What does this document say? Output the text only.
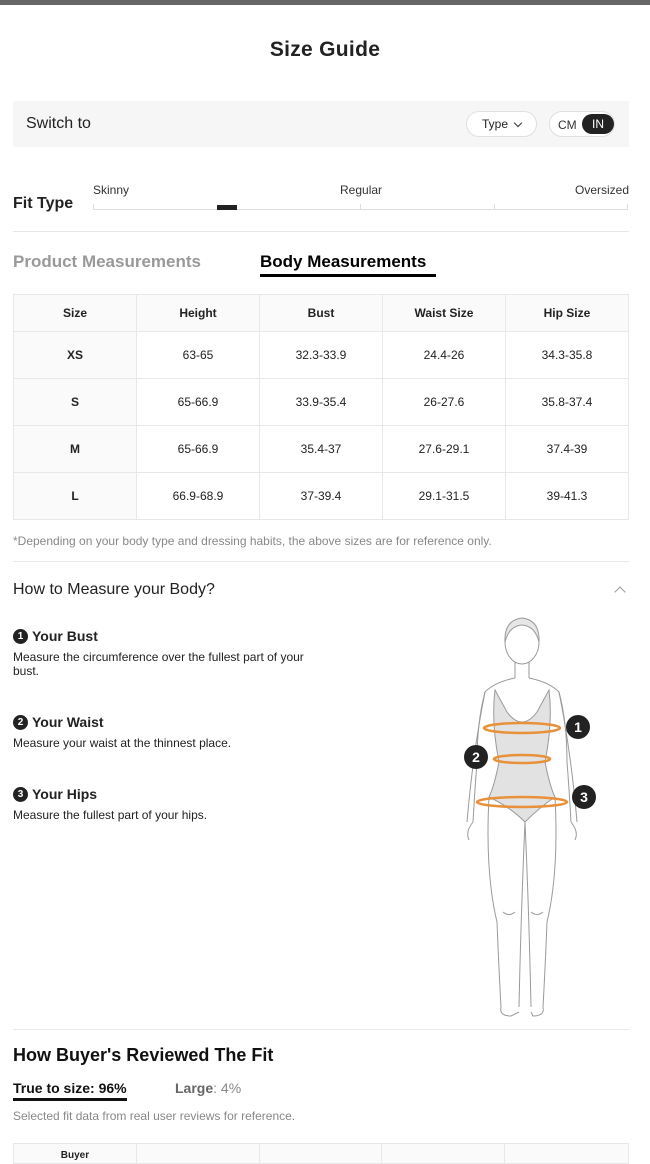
Size Guide
Switch to	Type	CM	IN
Fit Type
Skinny	Regular	Oversized
Product Measurements	Body Measurements
Size	Height	Bust	Waist Size	Hip Size
XS	63-65	32.3-33.9	24.4-26	34.3-35.8
S	65-66.9	33.9-35.4	26-27.6	35.8-37.4
M	65-66.9	35.4-37	27.6-29.1	37.4-39
L	66.9-68.9	37-39.4	29.1-31.5	39-41.3
*Depending on your body type and dressing habits, the above sizes are for reference only.
How to Measure your Body?
1 Your Bust
Measure the circumference over the fullest part of your bust.
2 Your Waist
Measure your waist at the thinnest place.
3 Your Hips
Measure the fullest part of your hips.
1
2
3
How Buyer's Reviewed The Fit
True to size: 96%	Large: 4%
Selected fit data from real user reviews for reference.
Buyer				
